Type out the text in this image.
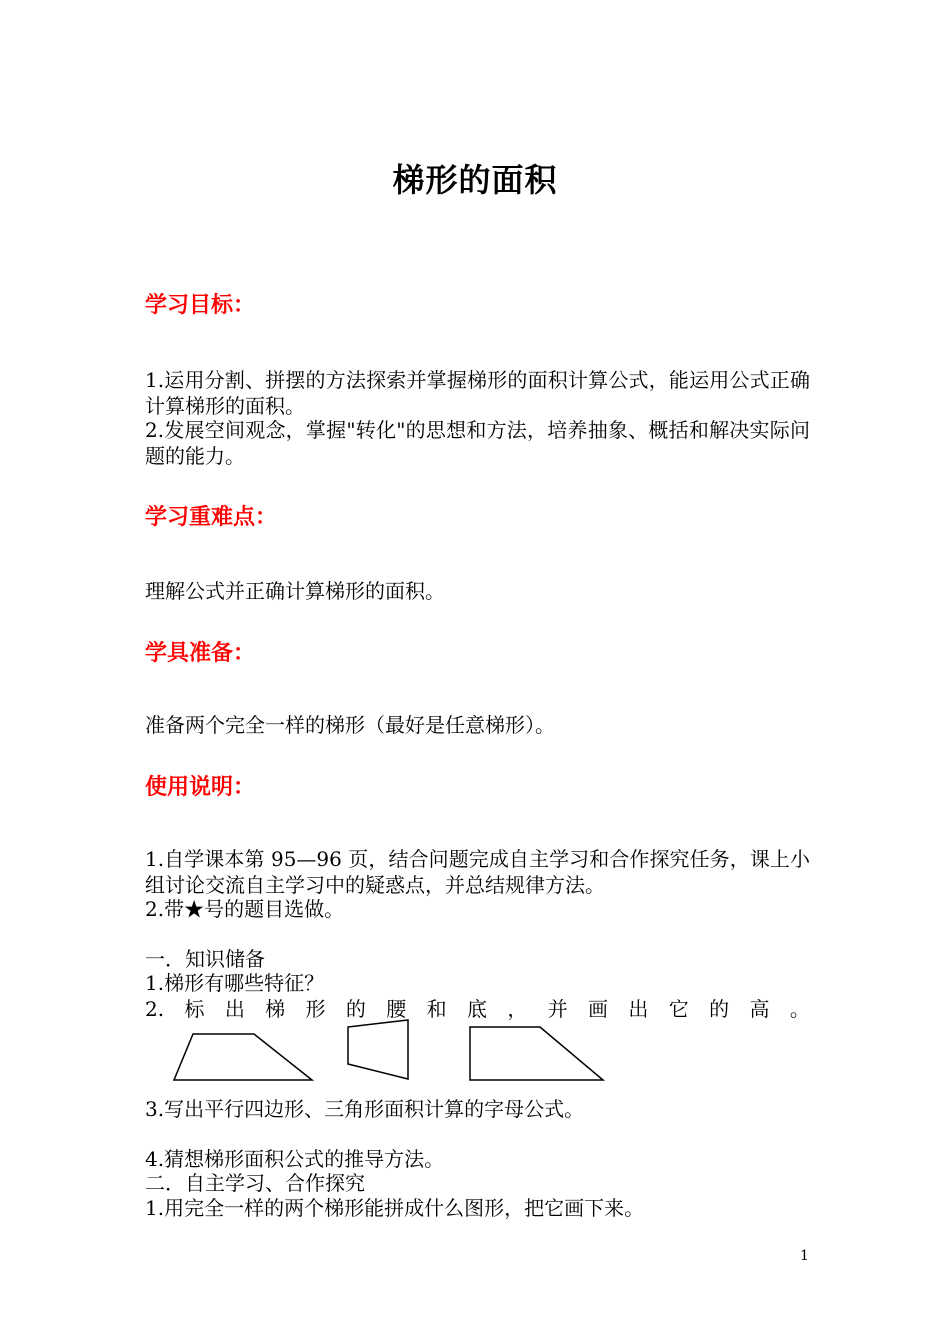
梯形的面积
学习目标：
1.运用分割、拼摆的方法探索并掌握梯形的面积计算公式，能运用公式正确计算梯形的面积。
2.发展空间观念，掌握"转化"的思想和方法，培养抽象、概括和解决实际问题的能力。
学习重难点：
理解公式并正确计算梯形的面积。
学具准备：
准备两个完全一样的梯形（最好是任意梯形）。
使用说明：
1.自学课本第 95—96 页，结合问题完成自主学习和合作探究任务，课上小组讨论交流自主学习中的疑惑点，并总结规律方法。
2.带★号的题目选做。
一．知识储备
1.梯形有哪些特征？
2. 标 出 梯 形 的 腰 和 底 ， 并 画 出 它 的 高 。
3.写出平行四边形、三角形面积计算的字母公式。
4.猜想梯形面积公式的推导方法。
二．自主学习、合作探究
1.用完全一样的两个梯形能拼成什么图形，把它画下来。
1
